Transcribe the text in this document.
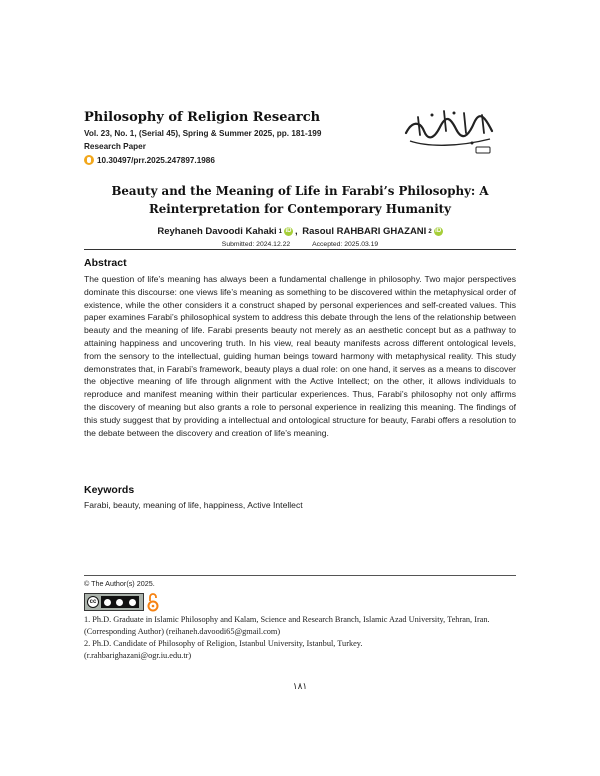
Philosophy of Religion Research
Vol. 23, No. 1, (Serial 45), Spring & Summer 2025, pp. 181-199
Research Paper
10.30497/prr.2025.247897.1986
Beauty and the Meaning of Life in Farabi’s Philosophy: A
Reinterpretation for Contemporary Humanity
Reyhaneh Davoodi Kahaki 1 iD , Rasoul RAHBARI GHAZANI 2 iD
Submitted: 2024.12.22	Accepted: 2025.03.19
Abstract

The question of life’s meaning has always been a fundamental challenge in philosophy. Two major perspectives dominate this discourse: one views life’s meaning as something to be discovered within the metaphysical order of existence, while the other considers it a construct shaped by personal experiences and self-created values. This paper examines Farabi’s philosophical system to address this debate through the lens of the relationship between beauty and the meaning of life. Farabi presents beauty not merely as an aesthetic concept but as a pathway to attaining happiness and uncovering truth. In his view, real beauty manifests across different ontological levels, from the sensory to the intellectual, guiding human beings toward harmony with metaphysical reality. This study demonstrates that, in Farabi’s framework, beauty plays a dual role: on one hand, it serves as a means to discover the objective meaning of life through alignment with the Active Intellect; on the other, it allows individuals to reproduce and manifest meaning within their particular experiences. Thus, Farabi’s philosophy not only affirms the discovery of meaning but also grants a role to personal experience in realizing this meaning. The findings of this study suggest that by providing a intellectual and ontological structure for beauty, Farabi offers a resolution to the debate between the discovery and creation of life’s meaning.

Keywords
Farabi, beauty, meaning of life, happiness, Active Intellect
© The Author(s) 2025.
cc

1. Ph.D. Graduate in Islamic Philosophy and Kalam, Science and Research Branch, Islamic Azad University, Tehran, Iran. (Corresponding Author) (reihaneh.davoodi65@gmail.com)

2. Ph.D. Candidate of Philosophy of Religion, Istanbul University, Istanbul, Turkey.
(r.rahbarighazani@ogr.iu.edu.tr)
۱۸۱
